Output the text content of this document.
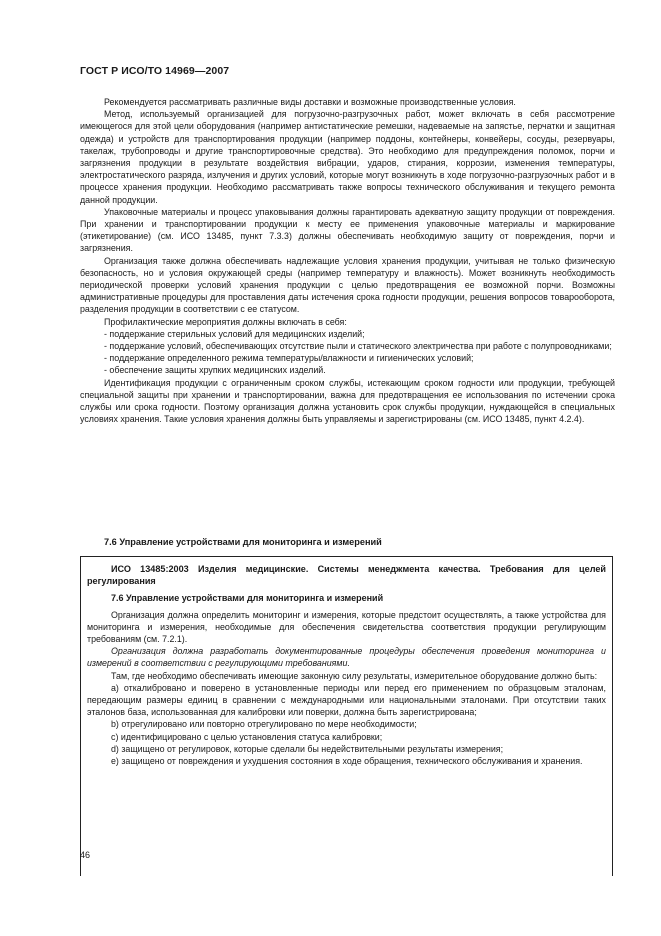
ГОСТ Р ИСО/ТО 14969—2007

Рекомендуется рассматривать различные виды доставки и возможные производственные условия.

Метод, используемый организацией для погрузочно-разгрузочных работ, может включать в себя рассмотрение имеющегося для этой цели оборудования (например антистатические ремешки, надеваемые на запястье, перчатки и защитная одежда) и устройств для транспортирования продукции (например поддоны, контейнеры, конвейеры, сосуды, резервуары, такелаж, трубопроводы и другие транспортировочные средства). Это необходимо для предупреждения поломок, порчи и загрязнения продукции в результате воздействия вибрации, ударов, стирания, коррозии, изменения температуры, электростатического разряда, излучения и других условий, которые могут возникнуть в ходе погрузочно-разгрузочных работ и в процессе хранения продукции. Необходимо рассматривать также вопросы технического обслуживания и текущего ремонта данной продукции.

Упаковочные материалы и процесс упаковывания должны гарантировать адекватную защиту продукции от повреждения. При хранении и транспортировании продукции к месту ее применения упаковочные материалы и маркирование (этикетирование) (см. ИСО 13485, пункт 7.3.3) должны обеспечивать необходимую защиту от повреждения, порчи и загрязнения.

Организация также должна обеспечивать надлежащие условия хранения продукции, учитывая не только физическую безопасность, но и условия окружающей среды (например температуру и влажность). Может возникнуть необходимость периодической проверки условий хранения продукции с целью предотвращения ее возможной порчи. Возможны административные процедуры для проставления даты истечения срока годности продукции, решения вопросов товарооборота, разделения продукции в соответствии с ее статусом.

Профилактические мероприятия должны включать в себя:

- поддержание стерильных условий для медицинских изделий;

- поддержание условий, обеспечивающих отсутствие пыли и статического электричества при работе с полупроводниками;

- поддержание определенного режима температуры/влажности и гигиенических условий;

- обеспечение защиты хрупких медицинских изделий.

Идентификация продукции с ограниченным сроком службы, истекающим сроком годности или продукции, требующей специальной защиты при хранении и транспортировании, важна для предотвращения ее использования по истечении срока службы или срока годности. Поэтому организация должна установить срок службы продукции, нуждающейся в специальных условиях хранения. Такие условия хранения должны быть управляемы и зарегистрированы (см. ИСО 13485, пункт 4.2.4).

7.6 Управление устройствами для мониторинга и измерений
ИСО 13485:2003 Изделия медицинские. Системы менеджмента качества. Требования для целей регулирования
7.6 Управление устройствами для мониторинга и измерений

Организация должна определить мониторинг и измерения, которые предстоит осуществлять, а также устройства для мониторинга и измерения, необходимые для обеспечения свидетельства соответствия продукции регулирующим требованиям (см. 7.2.1).

Организация должна разработать документированные процедуры обеспечения проведения мониторинга и измерений в соответствии с регулирующими требованиями.

Там, где необходимо обеспечивать имеющие законную силу результаты, измерительное оборудование должно быть:

a) откалибровано и поверено в установленные периоды или перед его применением по образцовым эталонам, передающим размеры единиц в сравнении с международными или национальными эталонами. При отсутствии таких эталонов база, использованная для калибровки или поверки, должна быть зарегистрирована;

b) отрегулировано или повторно отрегулировано по мере необходимости;

c) идентифицировано с целью установления статуса калибровки;

d) защищено от регулировок, которые сделали бы недействительными результаты измерения;

e) защищено от повреждения и ухудшения состояния в ходе обращения, технического обслуживания и хранения.

46
